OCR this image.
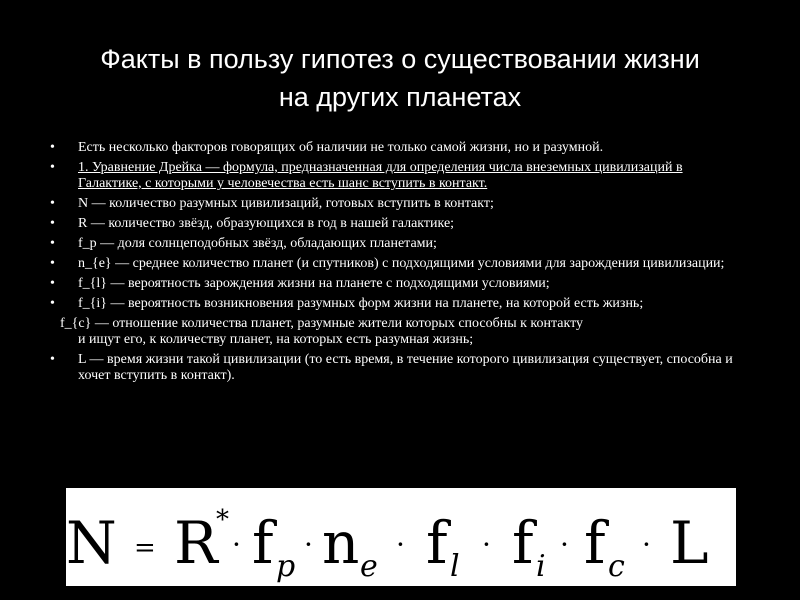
Факты в пользу гипотез о существовании жизни
на других планетах
• Есть несколько факторов говорящих об наличии не только самой жизни, но и разумной.
• 1. Уравнение Дрейка — формула, предназначенная для определения числа внеземных цивилизаций в Галактике, с которыми у человечества есть шанс вступить в контакт.
• N — количество разумных цивилизаций, готовых вступить в контакт;
• R — количество звёзд, образующихся в год в нашей галактике;
• f_p — доля солнцеподобных звёзд, обладающих планетами;
• n_{e} — среднее количество планет (и спутников) с подходящими условиями для зарождения цивилизации;
• f_{l} — вероятность зарождения жизни на планете с подходящими условиями;
• f_{i} — вероятность возникновения разумных форм жизни на планете, на которой есть жизнь;
f_{c} — отношение количества планет, разумные жители которых способны к контакту
и ищут его, к количеству планет, на которых есть разумная жизнь;
• L — время жизни такой цивилизации (то есть время, в течение которого цивилизация существует, способна и хочет вступить в контакт).
N = R
*
· f p
· n e
· f l
· f i
· f c
· L
